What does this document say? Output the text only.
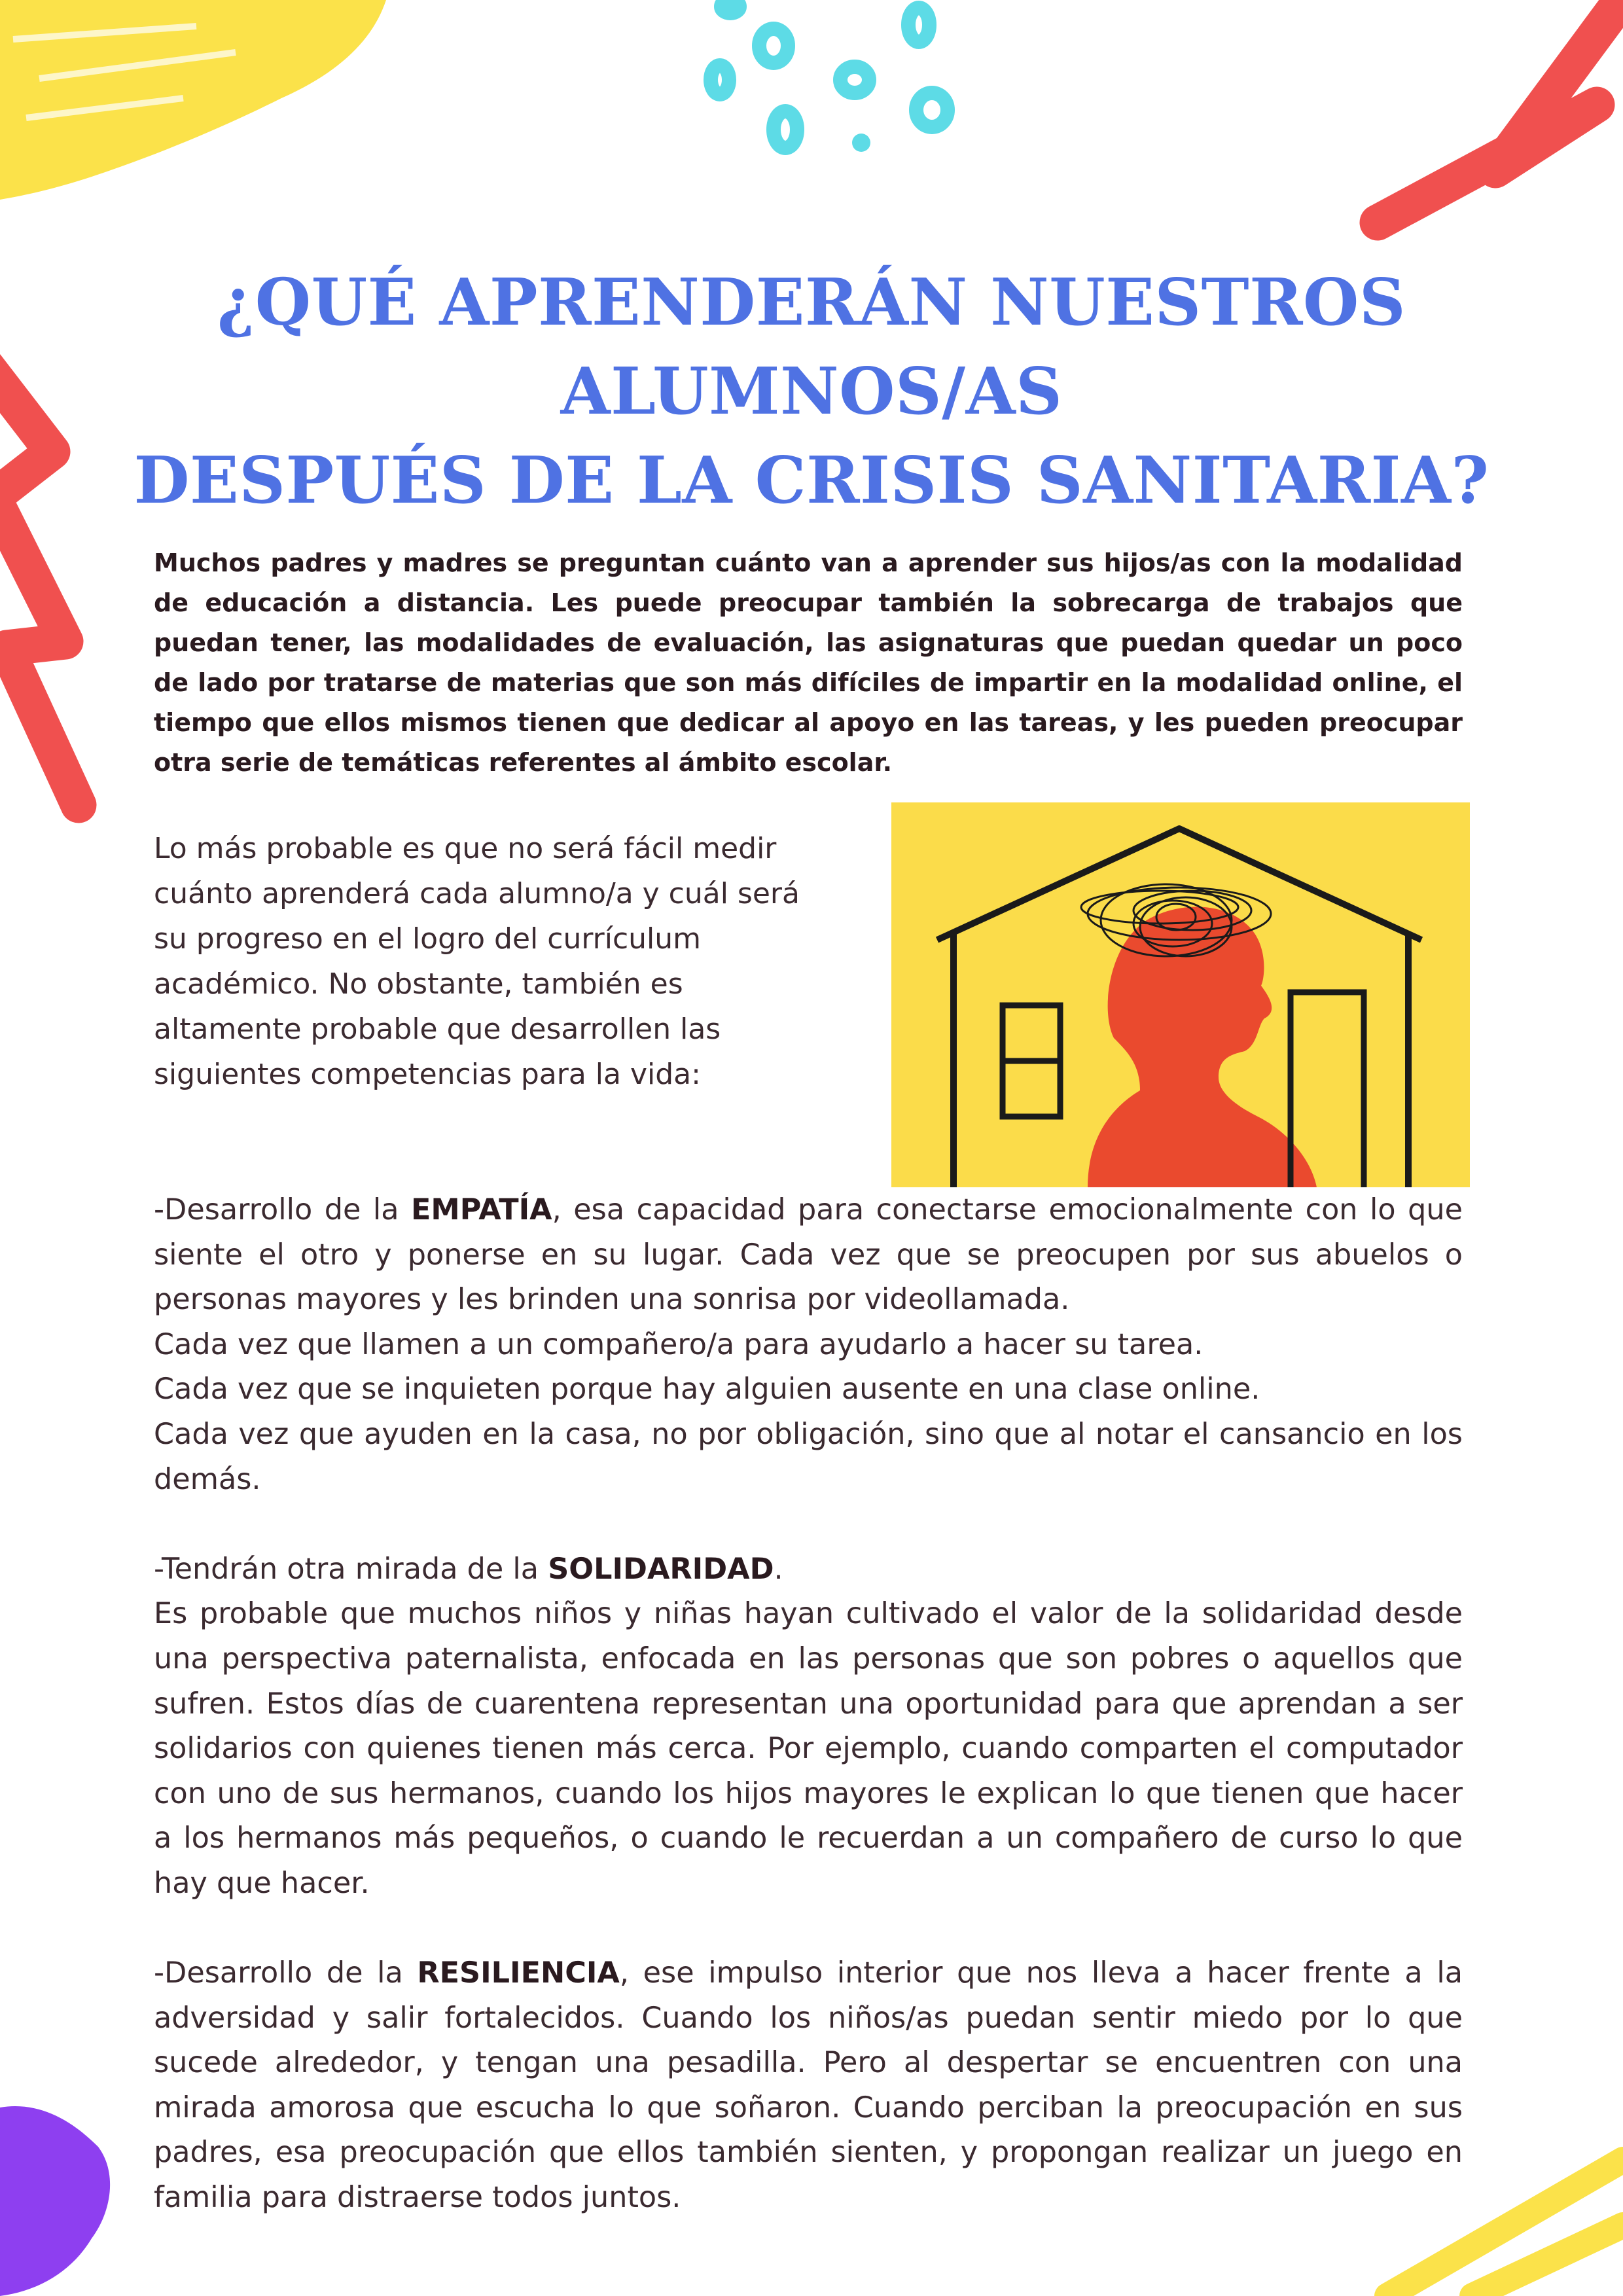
¿QUÉ APRENDERÁN NUESTROS
ALUMNOS/AS
DESPUÉS DE LA CRISIS SANITARIA?
Muchos padres y madres se preguntan cuánto van a aprender sus hijos/as con la modalidad de educación a distancia. Les puede preocupar también la sobrecarga de trabajos que puedan tener, las modalidades de evaluación, las asignaturas que puedan quedar un poco de lado por tratarse de materias que son más difíciles de impartir en la modalidad online, el tiempo que ellos mismos tienen que dedicar al apoyo en las tareas, y les pueden preocupar otra serie de temáticas referentes al ámbito escolar.
Lo más probable es que no será fácil medir cuánto aprenderá cada alumno/a y cuál será su progreso en el logro del currículum académico. No obstante, también es altamente probable que desarrollen las siguientes competencias para la vida:

-Desarrollo de la EMPATÍA, esa capacidad para conectarse emocionalmente con lo que siente el otro y ponerse en su lugar. Cada vez que se preocupen por sus abuelos o personas mayores y les brinden una sonrisa por videollamada.

Cada vez que llamen a un compañero/a para ayudarlo a hacer su tarea.

Cada vez que se inquieten porque hay alguien ausente en una clase online.

Cada vez que ayuden en la casa, no por obligación, sino que al notar el cansancio en los demás.

-Tendrán otra mirada de la SOLIDARIDAD.

Es probable que muchos niños y niñas hayan cultivado el valor de la solidaridad desde una perspectiva paternalista, enfocada en las personas que son pobres o aquellos que sufren. Estos días de cuarentena representan una oportunidad para que aprendan a ser solidarios con quienes tienen más cerca. Por ejemplo, cuando comparten el computador con uno de sus hermanos, cuando los hijos mayores le explican lo que tienen que hacer a los hermanos más pequeños, o cuando le recuerdan a un compañero de curso lo que hay que hacer.

-Desarrollo de la RESILIENCIA, ese impulso interior que nos lleva a hacer frente a la adversidad y salir fortalecidos. Cuando los niños/as puedan sentir miedo por lo que sucede alrededor, y tengan una pesadilla. Pero al despertar se encuentren con una mirada amorosa que escucha lo que soñaron. Cuando perciban la preocupación en sus padres, esa preocupación que ellos también sienten, y propongan realizar un juego en familia para distraerse todos juntos.
